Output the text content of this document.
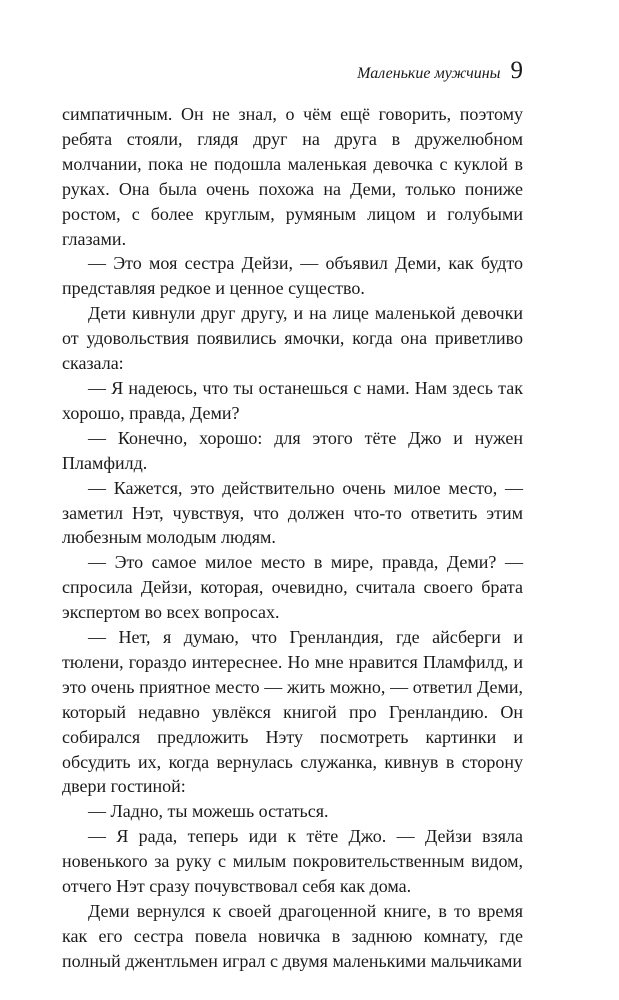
Маленькие мужчины 9

симпатичным. Он не знал, о чём ещё говорить, поэтому ребята стояли, глядя друг на друга в дружелюбном молчании, пока не подошла маленькая девочка с куклой в руках. Она была очень похожа на Деми, только пониже ростом, с более круглым, румяным лицом и голубыми глазами.

— Это моя сестра Дейзи, — объявил Деми, как будто представляя редкое и ценное существо.

Дети кивнули друг другу, и на лице маленькой девочки от удовольствия появились ямочки, когда она приветливо сказала:

— Я надеюсь, что ты останешься с нами. Нам здесь так хорошо, правда, Деми?

— Конечно, хорошо: для этого тёте Джо и нужен Пламфилд.

— Кажется, это действительно очень милое место, — заметил Нэт, чувствуя, что должен что-то ответить этим любезным молодым людям.

— Это самое милое место в мире, правда, Деми? — спросила Дейзи, которая, очевидно, считала своего брата экспертом во всех вопросах.

— Нет, я думаю, что Гренландия, где айсберги и тюлени, гораздо интереснее. Но мне нравится Пламфилд, и это очень приятное место — жить можно, — ответил Деми, который недавно увлёкся книгой про Гренландию. Он собирался предложить Нэту посмотреть картинки и обсудить их, когда вернулась служанка, кивнув в сторону двери гостиной:

— Ладно, ты можешь остаться.

— Я рада, теперь иди к тёте Джо. — Дейзи взяла новенького за руку с милым покровительственным видом, отчего Нэт сразу почувствовал себя как дома.

Деми вернулся к своей драгоценной книге, в то время как его сестра повела новичка в заднюю комнату, где полный джентльмен играл с двумя маленькими мальчиками
